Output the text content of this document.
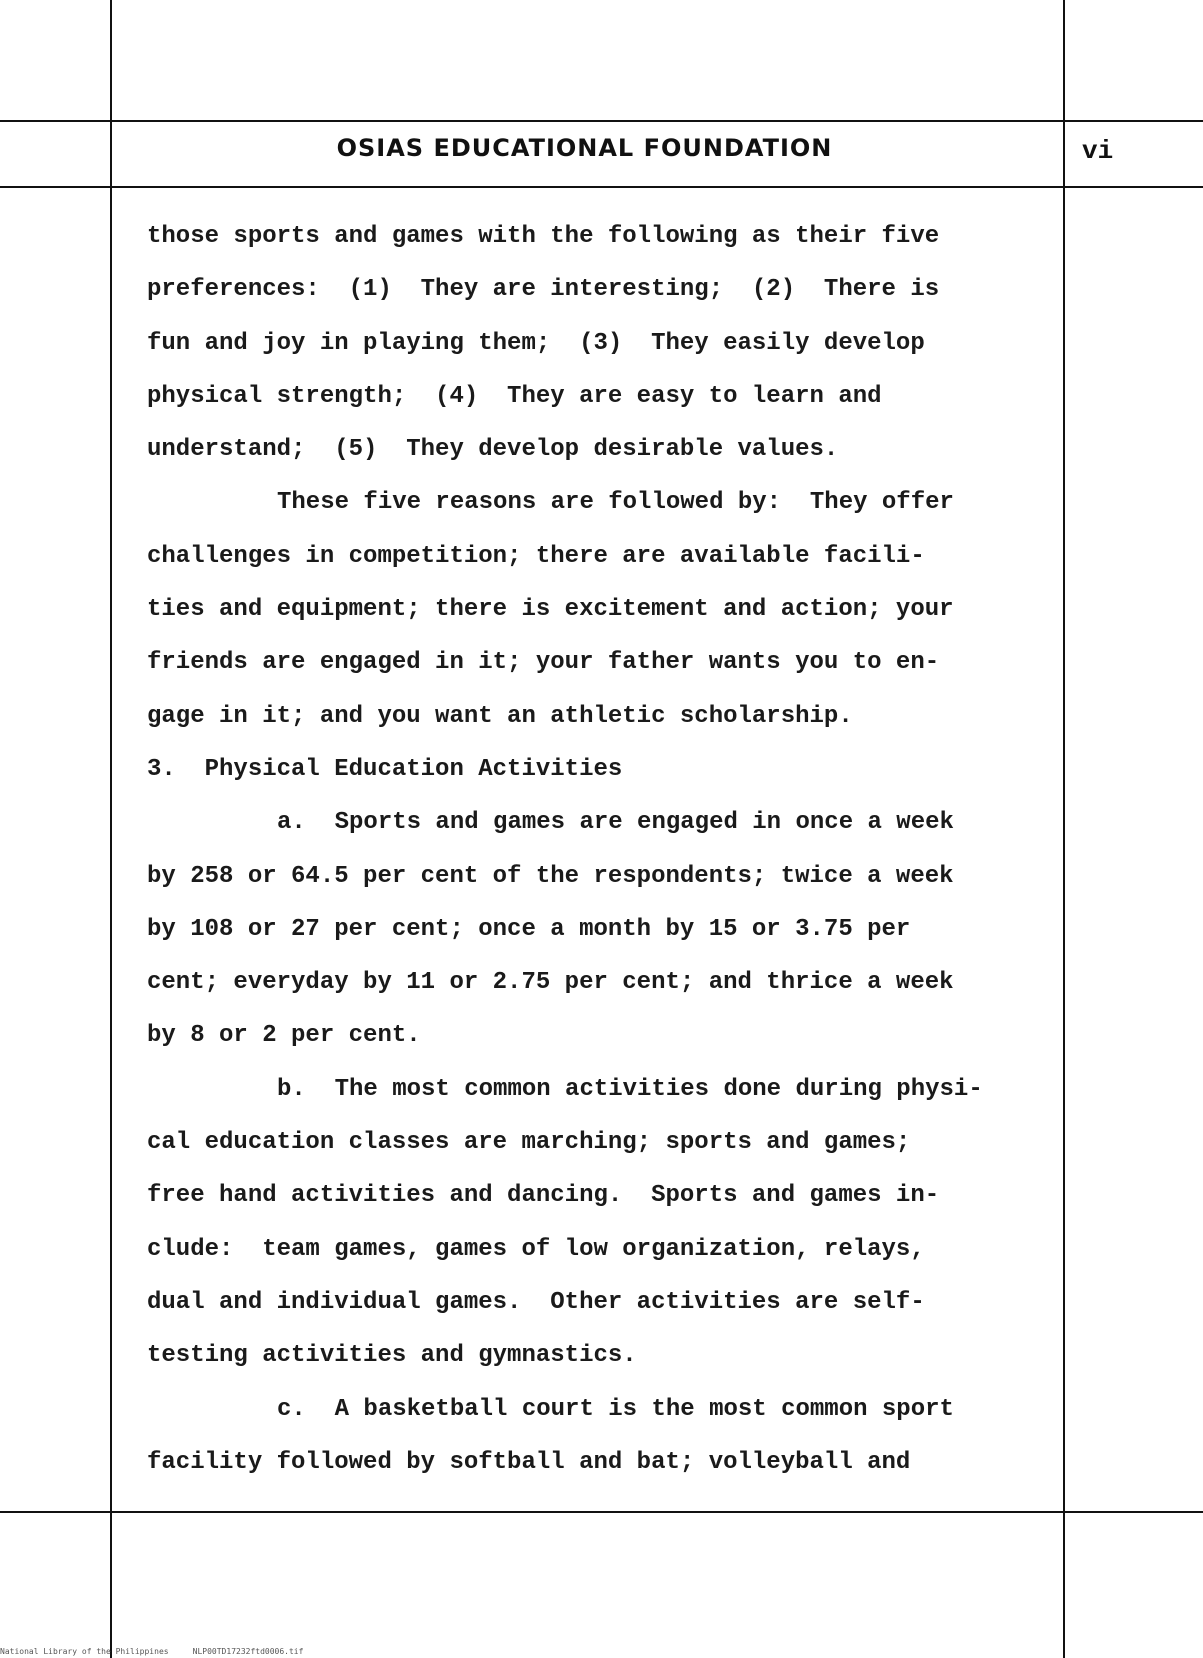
OSIAS EDUCATIONAL FOUNDATION	vi
those sports and games with the following as their five
preferences:  (1)  They are interesting;  (2)  There is
fun and joy in playing them;  (3)  They easily develop
physical strength;  (4)  They are easy to learn and
understand;  (5)  They develop desirable values.
These five reasons are followed by:  They offer
challenges in competition; there are available facili-
ties and equipment; there is excitement and action; your
friends are engaged in it; your father wants you to en-
gage in it; and you want an athletic scholarship.
3.  Physical Education Activities
a.  Sports and games are engaged in once a week
by 258 or 64.5 per cent of the respondents; twice a week
by 108 or 27 per cent; once a month by 15 or 3.75 per
cent; everyday by 11 or 2.75 per cent; and thrice a week
by 8 or 2 per cent.
b.  The most common activities done during physi-
cal education classes are marching; sports and games;
free hand activities and dancing.  Sports and games in-
clude:  team games, games of low organization, relays,
dual and individual games.  Other activities are self-
testing activities and gymnastics.
c.  A basketball court is the most common sport
facility followed by softball and bat; volleyball and
National Library of the Philippines     NLP00TD17232ftd0006.tif
